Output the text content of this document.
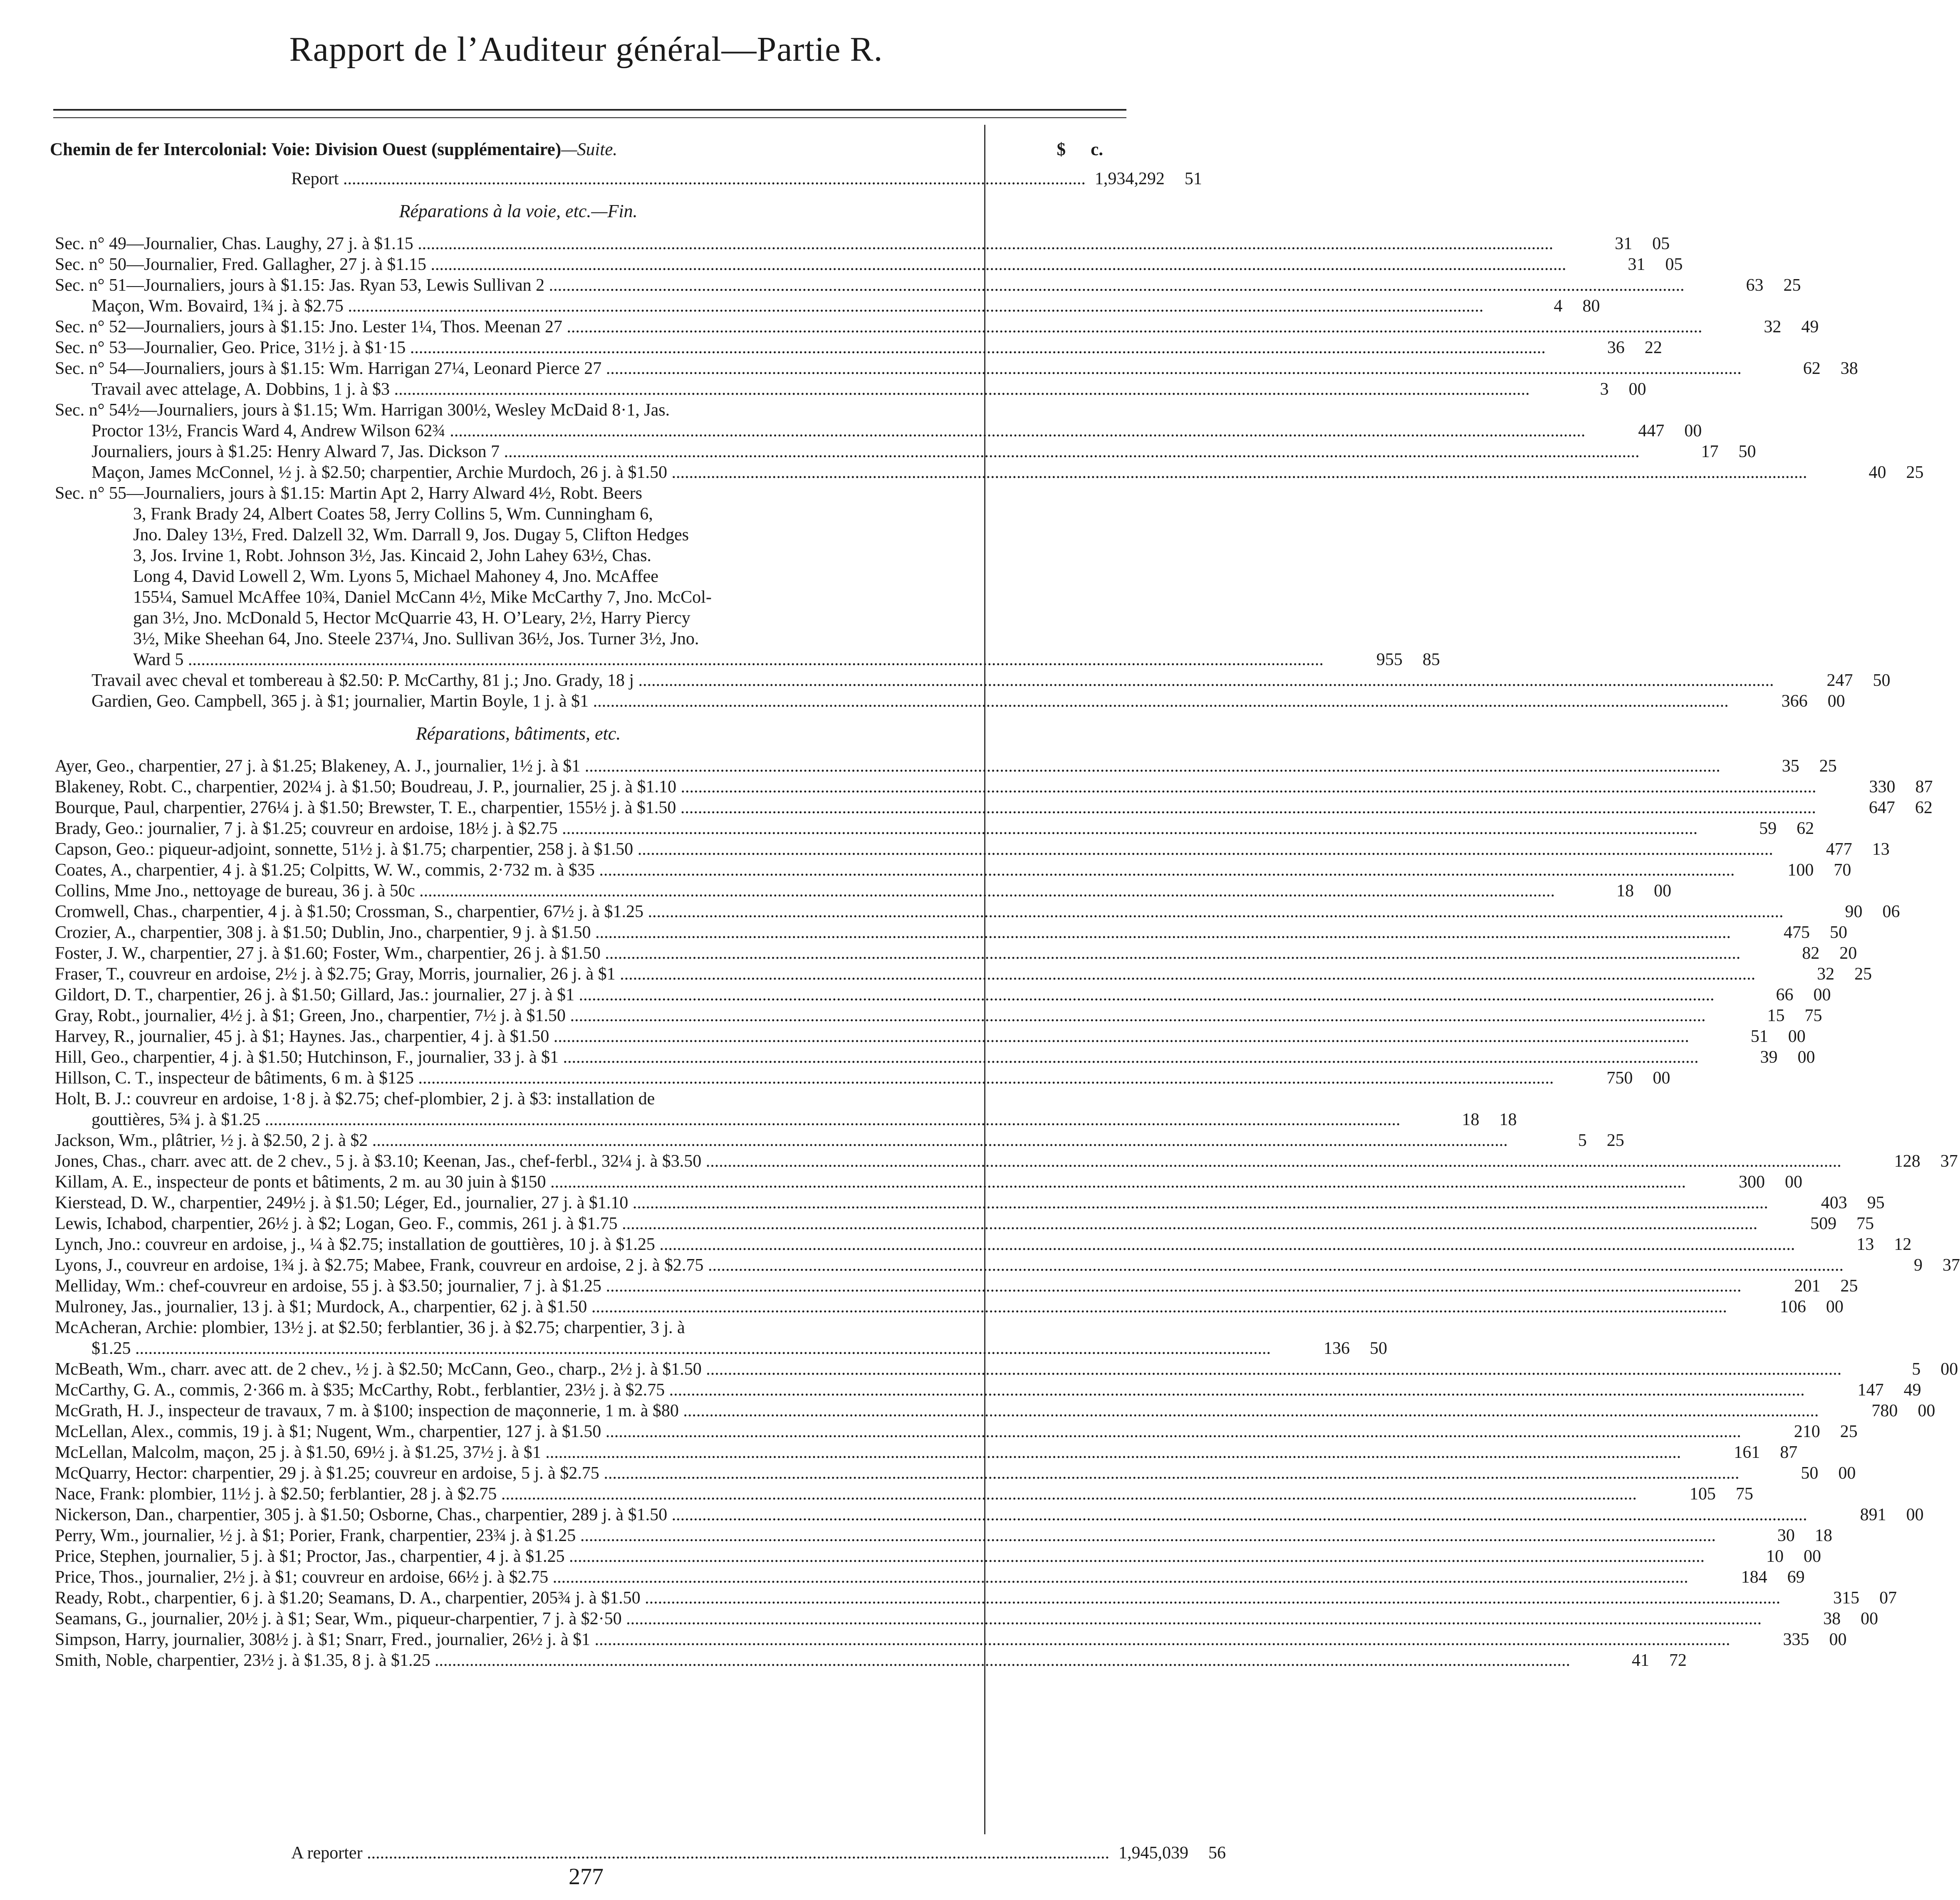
Rapport de l’Auditeur général—Partie R.
Chemin de fer Intercolonial: Voie: Division Ouest (supplémentaire)—Suite.	$	c.
Report .......................................................................................................................................................................... 1,934,292	51
Réparations à la voie, etc.—Fin.
Sec. n° 49—Journalier, Chas. Laughy, 27 j. à $1.15 ....................................................................................................................................................................................................................................................................	31	05
Sec. n° 50—Journalier, Fred. Gallagher, 27 j. à $1.15 ....................................................................................................................................................................................................................................................................	31	05
Sec. n° 51—Journaliers, jours à $1.15: Jas. Ryan 53, Lewis Sullivan 2 ....................................................................................................................................................................................................................................................................	63	25
Maçon, Wm. Bovaird, 1¾ j. à $2.75 ....................................................................................................................................................................................................................................................................	4	80
Sec. n° 52—Journaliers, jours à $1.15: Jno. Lester 1¼, Thos. Meenan 27 ....................................................................................................................................................................................................................................................................	32	49
Sec. n° 53—Journalier, Geo. Price, 31½ j. à $1·15 ....................................................................................................................................................................................................................................................................	36	22
Sec. n° 54—Journaliers, jours à $1.15: Wm. Harrigan 27¼, Leonard Pierce 27 ....................................................................................................................................................................................................................................................................	62	38
Travail avec attelage, A. Dobbins, 1 j. à $3 ....................................................................................................................................................................................................................................................................	3	00
Sec. n° 54½—Journaliers, jours à $1.15; Wm. Harrigan 300½, Wesley McDaid 8·1, Jas.
Proctor 13½, Francis Ward 4, Andrew Wilson 62¾ ....................................................................................................................................................................................................................................................................	447	00
Journaliers, jours à $1.25: Henry Alward 7, Jas. Dickson 7 ....................................................................................................................................................................................................................................................................	17	50
Maçon, James McConnel, ½ j. à $2.50; charpentier, Archie Murdoch, 26 j. à $1.50 ....................................................................................................................................................................................................................................................................	40	25
Sec. n° 55—Journaliers, jours à $1.15: Martin Apt 2, Harry Alward 4½, Robt. Beers
3, Frank Brady 24, Albert Coates 58, Jerry Collins 5, Wm. Cunningham 6,
Jno. Daley 13½, Fred. Dalzell 32, Wm. Darrall 9, Jos. Dugay 5, Clifton Hedges
3, Jos. Irvine 1, Robt. Johnson 3½, Jas. Kincaid 2, John Lahey 63½, Chas.
Long 4, David Lowell 2, Wm. Lyons 5, Michael Mahoney 4, Jno. McAffee
155¼, Samuel McAffee 10¾, Daniel McCann 4½, Mike McCarthy 7, Jno. McCol-
gan 3½, Jno. McDonald 5, Hector McQuarrie 43, H. O’Leary, 2½, Harry Piercy
3½, Mike Sheehan 64, Jno. Steele 237¼, Jno. Sullivan 36½, Jos. Turner 3½, Jno.
Ward 5 ....................................................................................................................................................................................................................................................................	955	85
Travail avec cheval et tombereau à $2.50: P. McCarthy, 81 j.; Jno. Grady, 18 j ....................................................................................................................................................................................................................................................................	247	50
Gardien, Geo. Campbell, 365 j. à $1; journalier, Martin Boyle, 1 j. à $1 ....................................................................................................................................................................................................................................................................	366	00
Réparations, bâtiments, etc.
Ayer, Geo., charpentier, 27 j. à $1.25; Blakeney, A. J., journalier, 1½ j. à $1 ....................................................................................................................................................................................................................................................................	35	25
Blakeney, Robt. C., charpentier, 202¼ j. à $1.50; Boudreau, J. P., journalier, 25 j. à $1.10 ....................................................................................................................................................................................................................................................................	330	87
Bourque, Paul, charpentier, 276¼ j. à $1.50; Brewster, T. E., charpentier, 155½ j. à $1.50 ....................................................................................................................................................................................................................................................................	647	62
Brady, Geo.: journalier, 7 j. à $1.25; couvreur en ardoise, 18½ j. à $2.75 ....................................................................................................................................................................................................................................................................	59	62
Capson, Geo.: piqueur-adjoint, sonnette, 51½ j. à $1.75; charpentier, 258 j. à $1.50 ....................................................................................................................................................................................................................................................................	477	13
Coates, A., charpentier, 4 j. à $1.25; Colpitts, W. W., commis, 2·732 m. à $35 ....................................................................................................................................................................................................................................................................	100	70
Collins, Mme Jno., nettoyage de bureau, 36 j. à 50c ....................................................................................................................................................................................................................................................................	18	00
Cromwell, Chas., charpentier, 4 j. à $1.50; Crossman, S., charpentier, 67½ j. à $1.25 ....................................................................................................................................................................................................................................................................	90	06
Crozier, A., charpentier, 308 j. à $1.50; Dublin, Jno., charpentier, 9 j. à $1.50 ....................................................................................................................................................................................................................................................................	475	50
Foster, J. W., charpentier, 27 j. à $1.60; Foster, Wm., charpentier, 26 j. à $1.50 ....................................................................................................................................................................................................................................................................	82	20
Fraser, T., couvreur en ardoise, 2½ j. à $2.75; Gray, Morris, journalier, 26 j. à $1 ....................................................................................................................................................................................................................................................................	32	25
Gildort, D. T., charpentier, 26 j. à $1.50; Gillard, Jas.: journalier, 27 j. à $1 ....................................................................................................................................................................................................................................................................	66	00
Gray, Robt., journalier, 4½ j. à $1; Green, Jno., charpentier, 7½ j. à $1.50 ....................................................................................................................................................................................................................................................................	15	75
Harvey, R., journalier, 45 j. à $1; Haynes. Jas., charpentier, 4 j. à $1.50 ....................................................................................................................................................................................................................................................................	51	00
Hill, Geo., charpentier, 4 j. à $1.50; Hutchinson, F., journalier, 33 j. à $1 ....................................................................................................................................................................................................................................................................	39	00
Hillson, C. T., inspecteur de bâtiments, 6 m. à $125 ....................................................................................................................................................................................................................................................................	750	00
Holt, B. J.: couvreur en ardoise, 1·8 j. à $2.75; chef-plombier, 2 j. à $3: installation de
gouttières, 5¾ j. à $1.25 ....................................................................................................................................................................................................................................................................	18	18
Jackson, Wm., plâtrier, ½ j. à $2.50, 2 j. à $2 ....................................................................................................................................................................................................................................................................	5	25
Jones, Chas., charr. avec att. de 2 chev., 5 j. à $3.10; Keenan, Jas., chef-ferbl., 32¼ j. à $3.50 ....................................................................................................................................................................................................................................................................	128	37
Killam, A. E., inspecteur de ponts et bâtiments, 2 m. au 30 juin à $150 ....................................................................................................................................................................................................................................................................	300	00
Kierstead, D. W., charpentier, 249½ j. à $1.50; Léger, Ed., journalier, 27 j. à $1.10 ....................................................................................................................................................................................................................................................................	403	95
Lewis, Ichabod, charpentier, 26½ j. à $2; Logan, Geo. F., commis, 261 j. à $1.75 ....................................................................................................................................................................................................................................................................	509	75
Lynch, Jno.: couvreur en ardoise, j., ¼ à $2.75; installation de gouttières, 10 j. à $1.25 ....................................................................................................................................................................................................................................................................	13	12
Lyons, J., couvreur en ardoise, 1¾ j. à $2.75; Mabee, Frank, couvreur en ardoise, 2 j. à $2.75 ....................................................................................................................................................................................................................................................................	9	37
Melliday, Wm.: chef-couvreur en ardoise, 55 j. à $3.50; journalier, 7 j. à $1.25 ....................................................................................................................................................................................................................................................................	201	25
Mulroney, Jas., journalier, 13 j. à $1; Murdock, A., charpentier, 62 j. à $1.50 ....................................................................................................................................................................................................................................................................	106	00
McAcheran, Archie: plombier, 13½ j. at $2.50; ferblantier, 36 j. à $2.75; charpentier, 3 j. à
$1.25 ....................................................................................................................................................................................................................................................................	136	50
McBeath, Wm., charr. avec att. de 2 chev., ½ j. à $2.50; McCann, Geo., charp., 2½ j. à $1.50 ....................................................................................................................................................................................................................................................................	5	00
McCarthy, G. A., commis, 2·366 m. à $35; McCarthy, Robt., ferblantier, 23½ j. à $2.75 ....................................................................................................................................................................................................................................................................	147	49
McGrath, H. J., inspecteur de travaux, 7 m. à $100; inspection de maçonnerie, 1 m. à $80 ....................................................................................................................................................................................................................................................................	780	00
McLellan, Alex., commis, 19 j. à $1; Nugent, Wm., charpentier, 127 j. à $1.50 ....................................................................................................................................................................................................................................................................	210	25
McLellan, Malcolm, maçon, 25 j. à $1.50, 69½ j. à $1.25, 37½ j. à $1 ....................................................................................................................................................................................................................................................................	161	87
McQuarry, Hector: charpentier, 29 j. à $1.25; couvreur en ardoise, 5 j. à $2.75 ....................................................................................................................................................................................................................................................................	50	00
Nace, Frank: plombier, 11½ j. à $2.50; ferblantier, 28 j. à $2.75 ....................................................................................................................................................................................................................................................................	105	75
Nickerson, Dan., charpentier, 305 j. à $1.50; Osborne, Chas., charpentier, 289 j. à $1.50 ....................................................................................................................................................................................................................................................................	891	00
Perry, Wm., journalier, ½ j. à $1; Porier, Frank, charpentier, 23¾ j. à $1.25 ....................................................................................................................................................................................................................................................................	30	18
Price, Stephen, journalier, 5 j. à $1; Proctor, Jas., charpentier, 4 j. à $1.25 ....................................................................................................................................................................................................................................................................	10	00
Price, Thos., journalier, 2½ j. à $1; couvreur en ardoise, 66½ j. à $2.75 ....................................................................................................................................................................................................................................................................	184	69
Ready, Robt., charpentier, 6 j. à $1.20; Seamans, D. A., charpentier, 205¾ j. à $1.50 ....................................................................................................................................................................................................................................................................	315	07
Seamans, G., journalier, 20½ j. à $1; Sear, Wm., piqueur-charpentier, 7 j. à $2·50 ....................................................................................................................................................................................................................................................................	38	00
Simpson, Harry, journalier, 308½ j. à $1; Snarr, Fred., journalier, 26½ j. à $1 ....................................................................................................................................................................................................................................................................	335	00
Smith, Noble, charpentier, 23½ j. à $1.35, 8 j. à $1.25 ....................................................................................................................................................................................................................................................................	41	72
A reporter .......................................................................................................................................................................... 1,945,039	56
277
